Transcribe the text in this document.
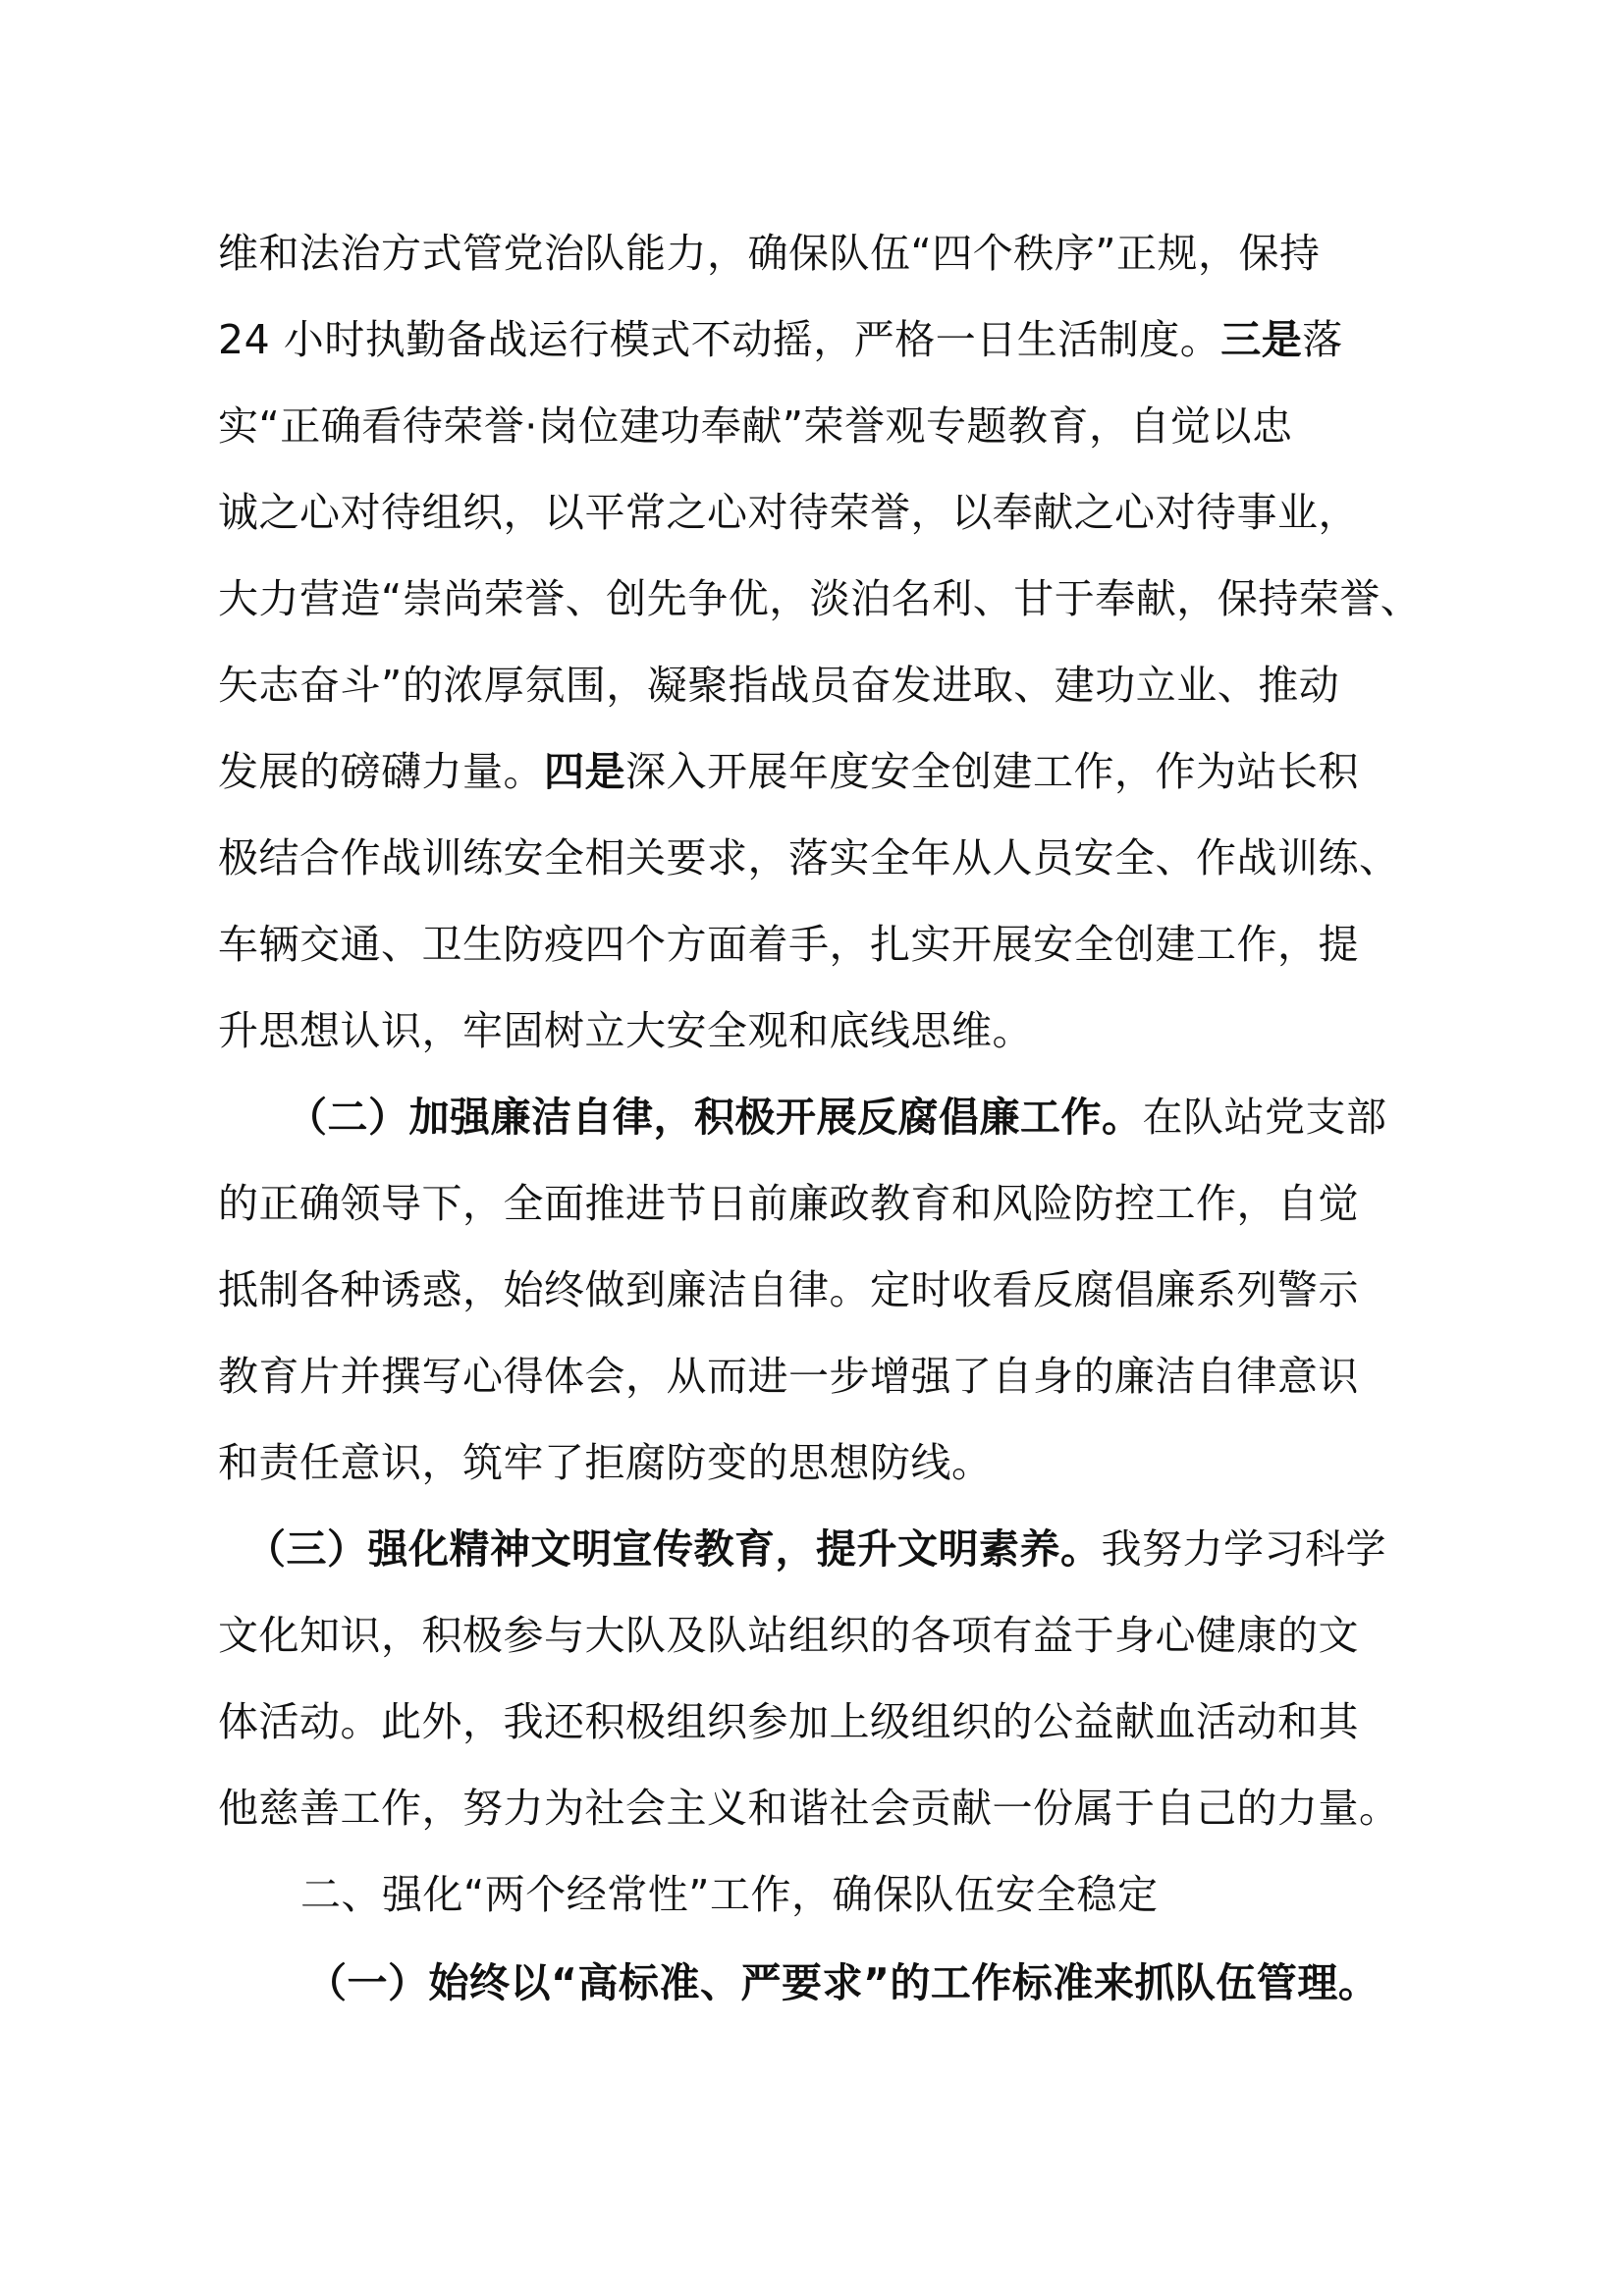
维和法治方式管党治队能力，确保队伍“四个秩序”正规，保持
24 小时执勤备战运行模式不动摇，严格一日生活制度。三是落
实“正确看待荣誉·岗位建功奉献”荣誉观专题教育，自觉以忠
诚之心对待组织，以平常之心对待荣誉，以奉献之心对待事业，
大力营造“崇尚荣誉、创先争优，淡泊名利、甘于奉献，保持荣誉、
矢志奋斗”的浓厚氛围，凝聚指战员奋发进取、建功立业、推动
发展的磅礴力量。四是深入开展年度安全创建工作，作为站长积
极结合作战训练安全相关要求，落实全年从人员安全、作战训练、
车辆交通、卫生防疫四个方面着手，扎实开展安全创建工作，提
升思想认识，牢固树立大安全观和底线思维。
（二）加强廉洁自律，积极开展反腐倡廉工作。在队站党支部
的正确领导下，全面推进节日前廉政教育和风险防控工作，自觉
抵制各种诱惑，始终做到廉洁自律。定时收看反腐倡廉系列警示
教育片并撰写心得体会，从而进一步增强了自身的廉洁自律意识
和责任意识，筑牢了拒腐防变的思想防线。
（三）强化精神文明宣传教育，提升文明素养。我努力学习科学
文化知识，积极参与大队及队站组织的各项有益于身心健康的文
体活动。此外，我还积极组织参加上级组织的公益献血活动和其
他慈善工作，努力为社会主义和谐社会贡献一份属于自己的力量。
二、强化“两个经常性”工作，确保队伍安全稳定
（一）始终以“高标准、严要求”的工作标准来抓队伍管理。
